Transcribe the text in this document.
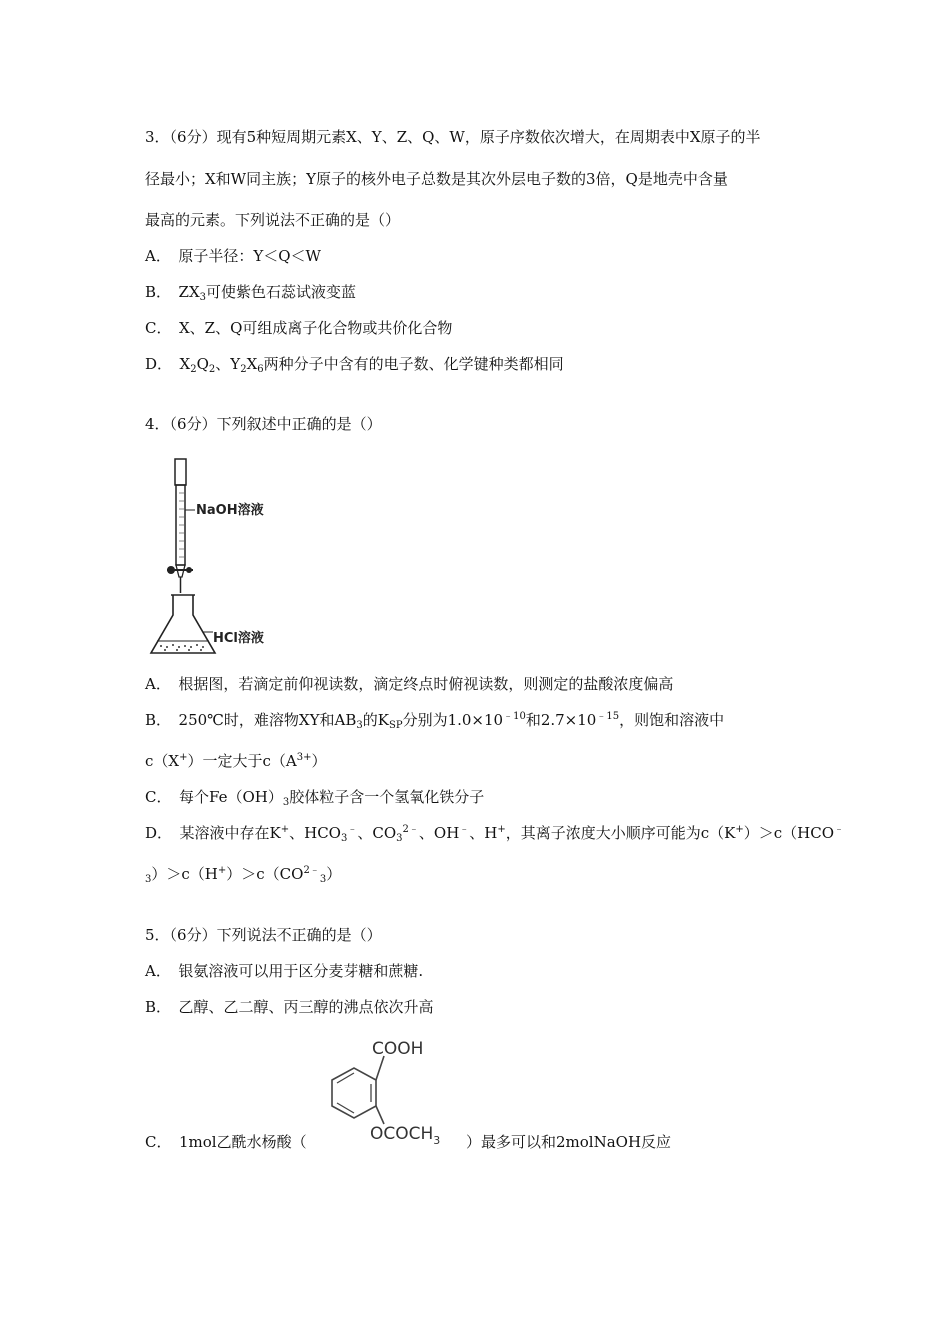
3．（6分）现有5种短周期元素X、Y、Z、Q、W，原子序数依次增大，在周期表中X原子的半
径最小；X和W同主族；Y原子的核外电子总数是其次外层电子数的3倍，Q是地壳中含量
最高的元素。下列说法不正确的是（）
A．　原子半径：Y＜Q＜W
B．　$ZX_3$可使紫色石蕊试液变蓝
C．　X、Z、Q可组成离子化合物或共价化合物
D．　$X_2Q_2$、$Y_2X_6$两种分子中含有的电子数、化学键种类都相同
4．（6分）下列叙述中正确的是（）
NaOH溶液
HCl溶液
A．　根据图，若滴定前仰视读数，滴定终点时俯视读数，则测定的盐酸浓度偏高
B．　250℃时，难溶物XY和$AB_3$的$K_{SP}$分别为$1.0\times 10^{﹣10}$和$2.7\times 10^{﹣15}$，则饱和溶液中
c（X+）一定大于$c(A^{3+})$
C．　每个$Fe(OH)_3$胶体粒子含一个氢氧化铁分子
D．　某溶液中存在K+、$HCO_3^﹣$、$CO_3^{2﹣}$、OH﹣、H+，其离子浓度大小顺序可能为c（K+）＞c（HCO﹣
$_3)>c(H^+)>c(CO^{2﹣}_3)$
5．（6分）下列说法不正确的是（）
A．　银氨溶液可以用于区分麦芽糖和蔗糖.
B．　乙醇、乙二醇、丙三醇的沸点依次升高
COOH
$OCOCH_3$
C．　1mol乙酰水杨酸（	）最多可以和2molNaOH反应
